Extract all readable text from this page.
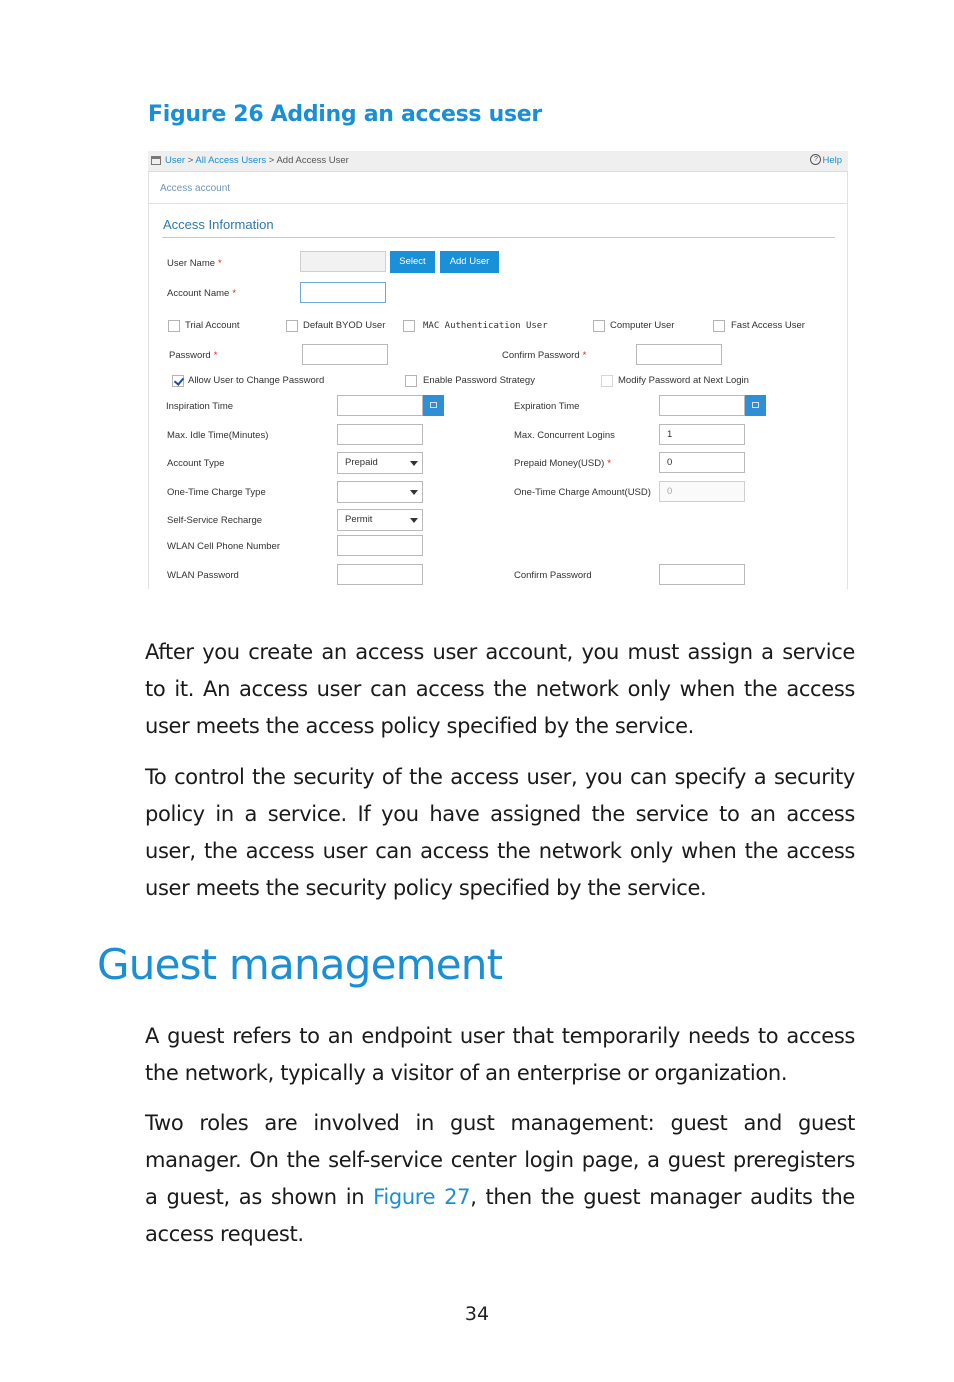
Figure 26 Adding an access user
User > All Access Users > Add Access User	? Help
Access account
Access Information
User Name *	Select	Add User
Account Name *
Trial Account	Default BYOD User	MAC Authentication User	Computer User	Fast Access User
Password *	Confirm Password *
Allow User to Change Password	Enable Password Strategy	Modify Password at Next Login
Inspiration Time	Expiration Time
Max. Idle Time(Minutes)	Max. Concurrent Logins	1
Account Type	Prepaid	Prepaid Money(USD) *	0
One-Time Charge Type	One-Time Charge Amount(USD)	0
Self-Service Recharge	Permit
WLAN Cell Phone Number
WLAN Password	Confirm Password

After you create an access user account, you must assign a service to it. An access user can access the network only when the access user meets the access policy specified by the service.

To control the security of the access user, you can specify a security policy in a service. If you have assigned the service to an access user, the access user can access the network only when the access user meets the security policy specified by the service.

Guest management

A guest refers to an endpoint user that temporarily needs to access the network, typically a visitor of an enterprise or organization.

Two roles are involved in gust management: guest and guest manager. On the self-service center login page, a guest preregisters a guest, as shown in Figure 27, then the guest manager audits the access request.

34
